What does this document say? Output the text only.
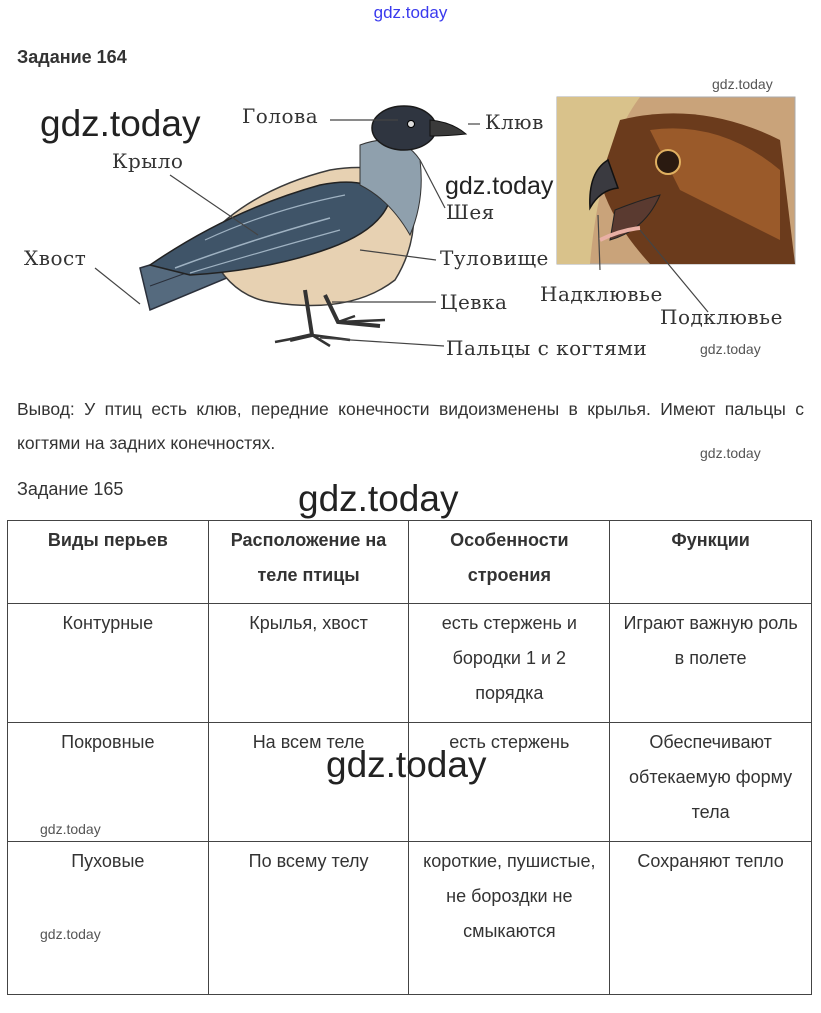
gdz.today
Задание 164
Голова	Клюв
Крыло
Шея
Хвост	Туловище
Цевка
Пальцы с когтями
Надклювье
Подклювье
gdz.today
gdz.today
gdz.today
gdz.today
Вывод: У птиц есть клюв, передние конечности видоизменены в крылья. Имеют пальцы с когтями на задних конечностях.	gdz.today
Задание 165	gdz.today
Виды перьев	Расположение на теле птицы	Особенности строения	Функции
Контурные	Крылья, хвост	есть стержень и бородки 1 и 2 порядка	Играют важную роль в полете
Покровные	На всем теле	есть стержень	Обеспечивают обтекаемую форму тела
Пуховые	По всему телу	короткие, пушистые, не бороздки не смыкаются	Сохраняют тепло
gdz.today
gdz.today
gdz.today
